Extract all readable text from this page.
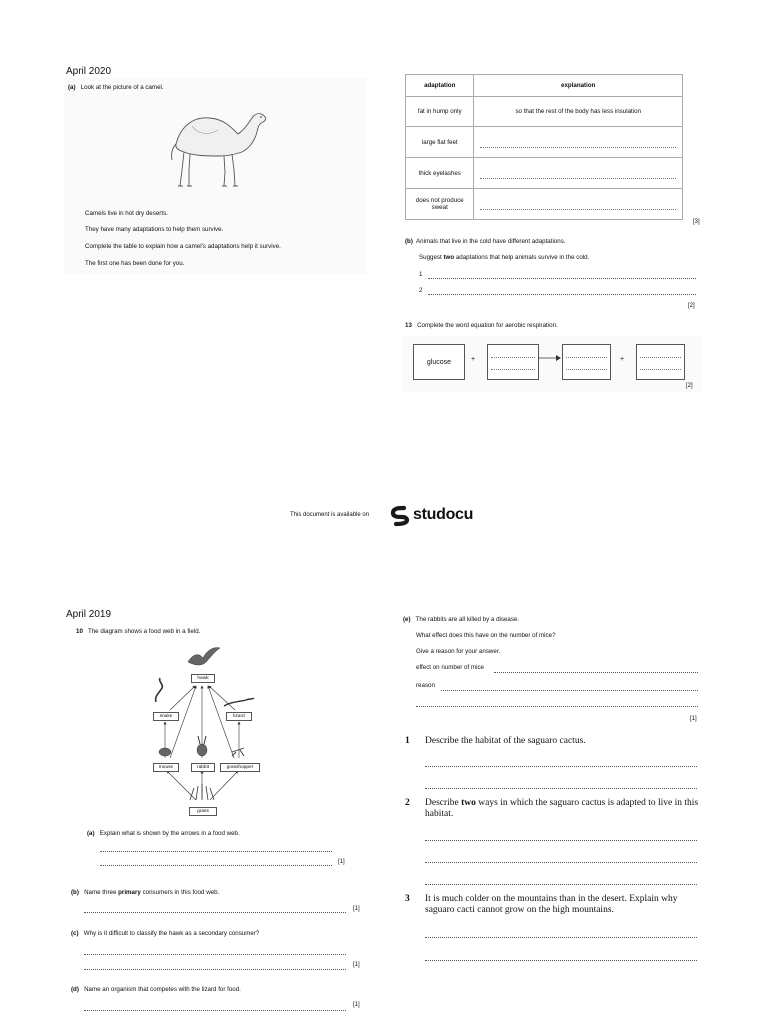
April 2020
(a) Look at the picture of a camel.
Camels live in hot dry deserts.
They have many adaptations to help them survive.
Complete the table to explain how a camel's adaptations help it survive.
The first one has been done for you.
adaptation	explanation
fat in hump only	so that the rest of the body has less insulation
large flat feet	

thick eyelashes	

does not produce sweat	
[3]
(b) Animals that live in the cold have different adaptations.
Suggest two adaptations that help animals survive in the cold.
1
2
[2]
13 Complete the word equation for aerobic respiration.
glucose	+	+
[2]
This document is available on	studocu
April 2019
10 The diagram shows a food web in a field.
hawk
snake	lizard
mouse	rabbit	grasshopper
grass
(a) Explain what is shown by the arrows in a food web.
[1]
(b) Name three primary consumers in this food web.
[1]
(c) Why is it difficult to classify the hawk as a secondary consumer?
[1]
(d) Name an organism that competes with the lizard for food.
[1]
(e) The rabbits are all killed by a disease.
What effect does this have on the number of mice?
Give a reason for your answer.
effect on number of mice
reason
[1]
1 Describe the habitat of the saguaro cactus.
2 Describe two ways in which the saguaro cactus is adapted to live in this habitat.
3 It is much colder on the mountains than in the desert. Explain why saguaro cacti cannot grow on the high mountains.
